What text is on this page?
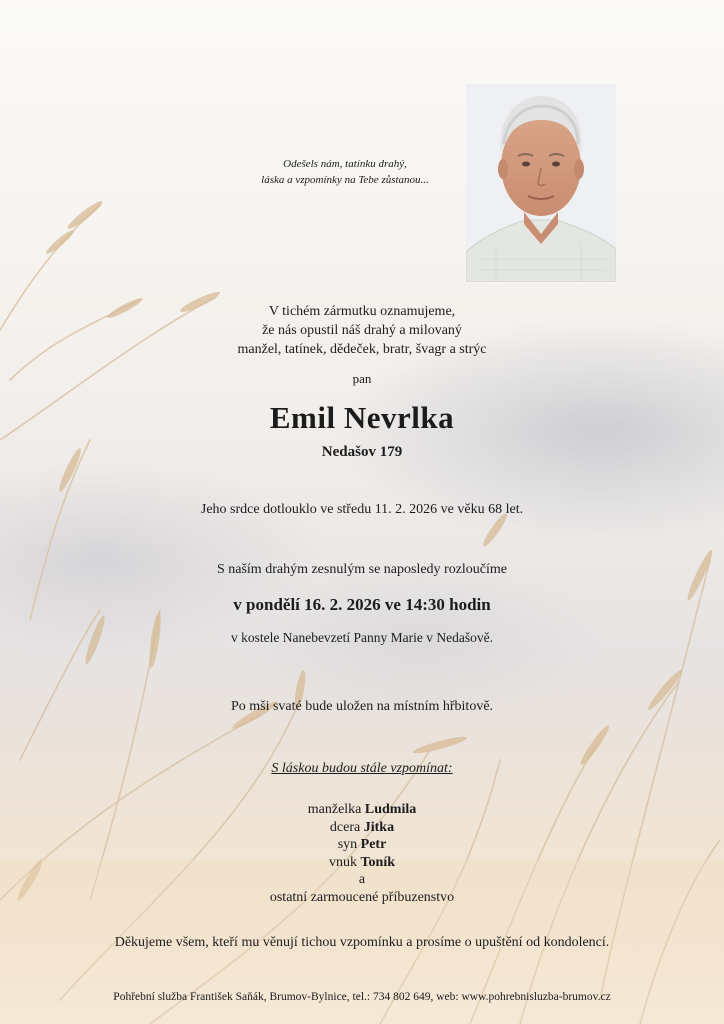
Odešels nám, tatínku drahý,
láska a vzpomínky na Tebe zůstanou...
V tichém zármutku oznamujeme,
že nás opustil náš drahý a milovaný
manžel, tatínek, dědeček, bratr, švagr a strýc
pan
Emil Nevrlka
Nedašov 179
Jeho srdce dotlouklo ve středu 11. 2. 2026 ve věku 68 let.
S naším drahým zesnulým se naposledy rozloučíme
v pondělí 16. 2. 2026 ve 14:30 hodin
v kostele Nanebevzetí Panny Marie v Nedašově.
Po mši svaté bude uložen na místním hřbitově.
S láskou budou stále vzpomínat:
manželka Ludmila
dcera Jitka
syn Petr
vnuk Toník
a
ostatní zarmoucené příbuzenstvo
Děkujeme všem, kteří mu věnují tichou vzpomínku a prosíme o upuštění od kondolencí.
Pohřební služba František Saňák, Brumov-Bylnice, tel.: 734 802 649, web: www.pohrebnisluzba-brumov.cz
